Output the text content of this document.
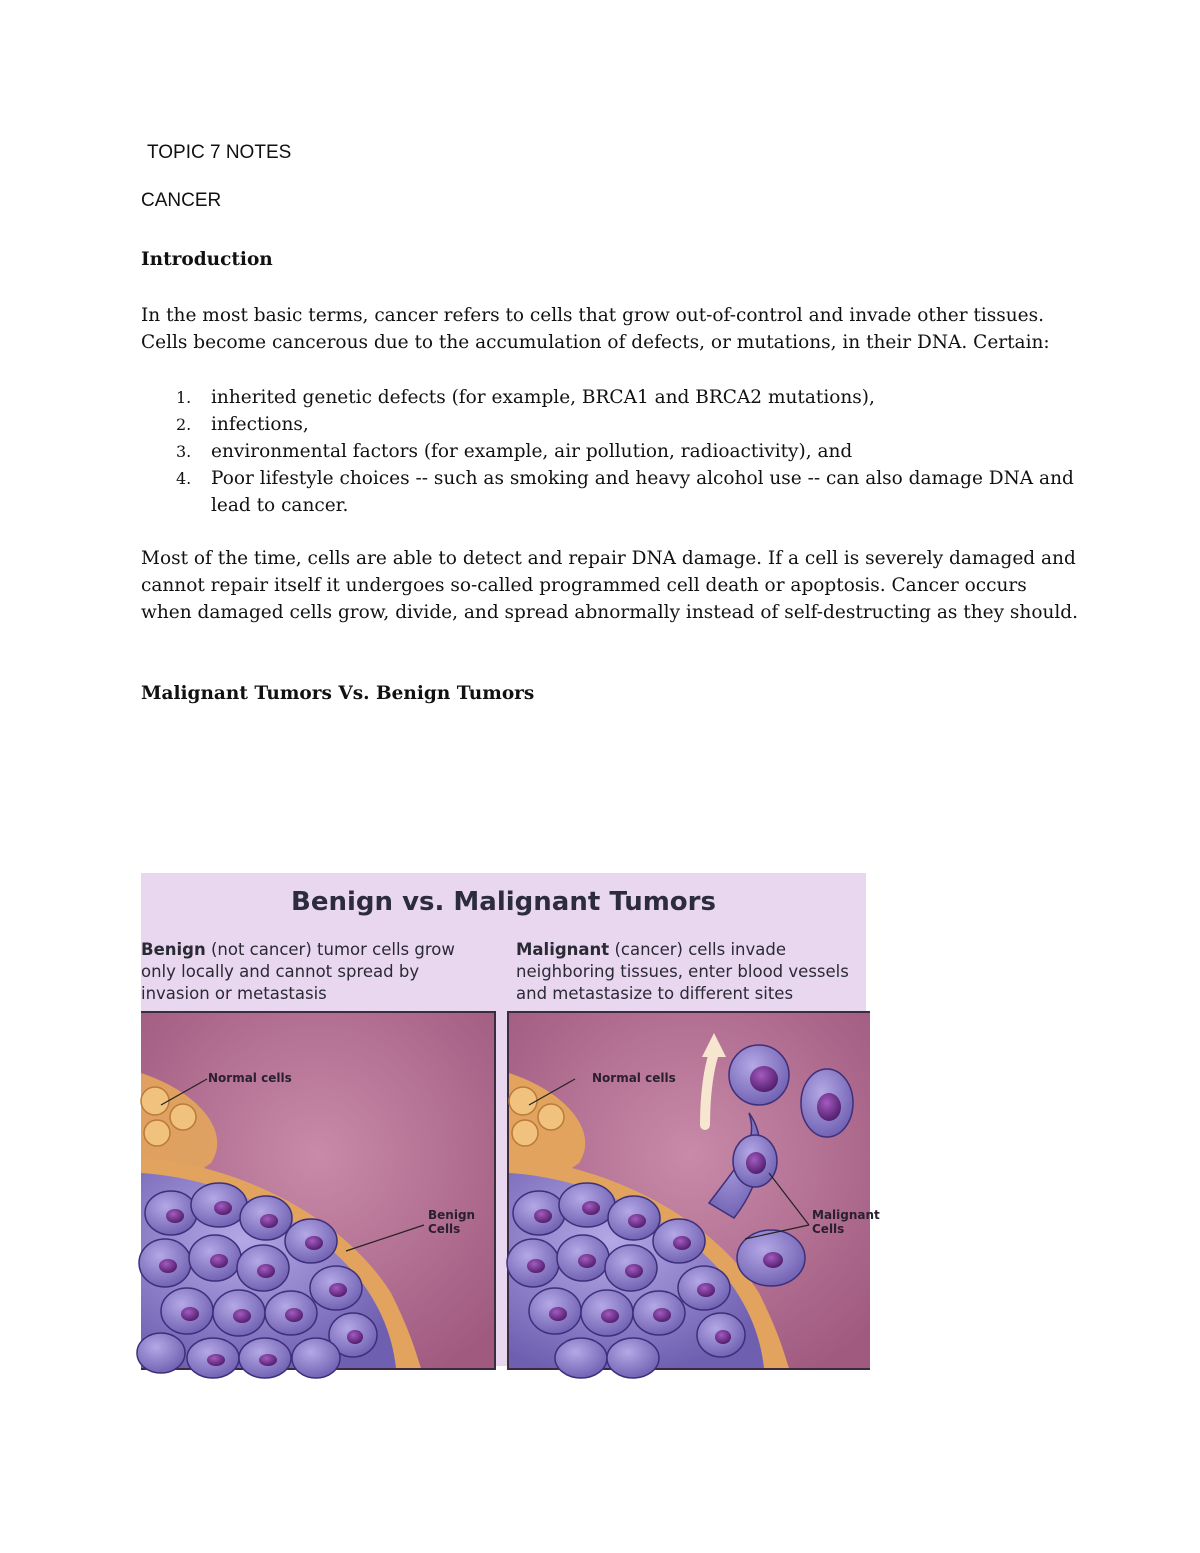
TOPIC 7 NOTES

CANCER

Introduction

In the most basic terms, cancer refers to cells that grow out-of-control and invade other tissues. Cells become cancerous due to the accumulation of defects, or mutations, in their DNA. Certain:

1. inherited genetic defects (for example, BRCA1 and BRCA2 mutations),
2. infections,
3. environmental factors (for example, air pollution, radioactivity), and
4. Poor lifestyle choices -- such as smoking and heavy alcohol use -- can also damage DNA and lead to cancer.

Most of the time, cells are able to detect and repair DNA damage. If a cell is severely damaged and cannot repair itself it undergoes so-called programmed cell death or apoptosis. Cancer occurs when damaged cells grow, divide, and spread abnormally instead of self-destructing as they should.

Malignant Tumors Vs. Benign Tumors

Benign vs. Malignant Tumors
Benign (not cancer) tumor cells grow
only locally and cannot spread by
invasion or metastasis
Malignant (cancer) cells invade
neighboring tissues, enter blood vessels
and metastasize to different sites
Normal cells
Benign
Cells
Normal cells
Malignant
Cells
